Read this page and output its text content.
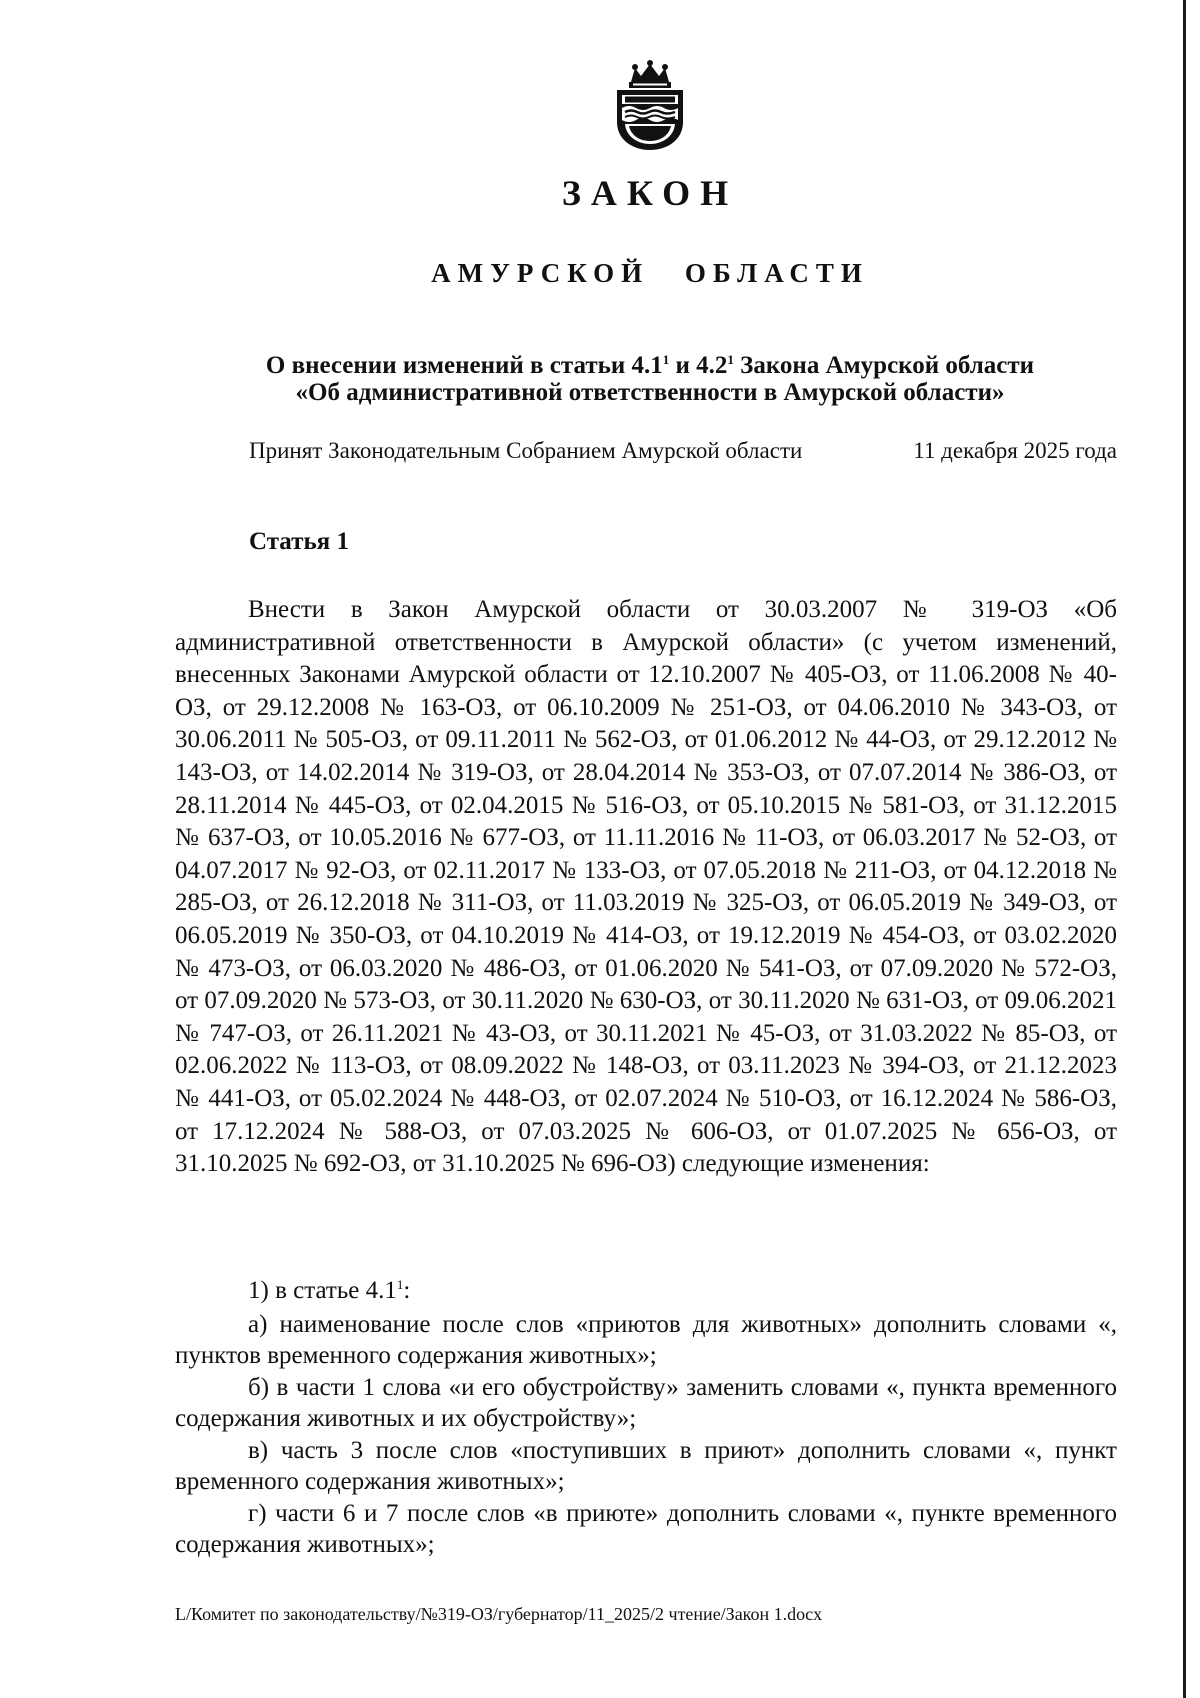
ЗАКОН
АМУРСКОЙ ОБЛАСТИ
О внесении изменений в статьи $4.1^1$ и $4.2^1$ Закона Амурской области
«Об административной ответственности в Амурской области»
Принят Законодательным Собранием Амурской области	11 декабря 2025 года
Статья 1

Внести в Закон Амурской области от 30.03.2007 № 319-ОЗ «Об административной ответственности в Амурской области» (с учетом изменений, внесенных Законами Амурской области от 12.10.2007 № 405-ОЗ, от 11.06.2008 № 40-ОЗ, от 29.12.2008 № 163-ОЗ, от 06.10.2009 № 251-ОЗ, от 04.06.2010 № 343-ОЗ, от 30.06.2011 № 505-ОЗ, от 09.11.2011 № 562-ОЗ, от 01.06.2012 № 44-ОЗ, от 29.12.2012 № 143-ОЗ, от 14.02.2014 № 319-ОЗ, от 28.04.2014 № 353-ОЗ, от 07.07.2014 № 386-ОЗ, от 28.11.2014 № 445-ОЗ, от 02.04.2015 № 516-ОЗ, от 05.10.2015 № 581-ОЗ, от 31.12.2015 № 637-ОЗ, от 10.05.2016 № 677-ОЗ, от 11.11.2016 № 11-ОЗ, от 06.03.2017 № 52-ОЗ, от 04.07.2017 № 92-ОЗ, от 02.11.2017 № 133-ОЗ, от 07.05.2018 № 211-ОЗ, от 04.12.2018 № 285-ОЗ, от 26.12.2018 № 311-ОЗ, от 11.03.2019 № 325-ОЗ, от 06.05.2019 № 349-ОЗ, от 06.05.2019 № 350-ОЗ, от 04.10.2019 № 414-ОЗ, от 19.12.2019 № 454-ОЗ, от 03.02.2020 № 473-ОЗ, от 06.03.2020 № 486-ОЗ, от 01.06.2020 № 541-ОЗ, от 07.09.2020 № 572-ОЗ, от 07.09.2020 № 573-ОЗ, от 30.11.2020 № 630-ОЗ, от 30.11.2020 № 631-ОЗ, от 09.06.2021 № 747-ОЗ, от 26.11.2021 № 43-ОЗ, от 30.11.2021 № 45-ОЗ, от 31.03.2022 № 85-ОЗ, от 02.06.2022 № 113-ОЗ, от 08.09.2022 № 148-ОЗ, от 03.11.2023 № 394-ОЗ, от 21.12.2023 № 441-ОЗ, от 05.02.2024 № 448-ОЗ, от 02.07.2024 № 510-ОЗ, от 16.12.2024 № 586-ОЗ, от 17.12.2024 № 588-ОЗ, от 07.03.2025 № 606-ОЗ, от 01.07.2025 № 656-ОЗ, от 31.10.2025 № 692-ОЗ, от 31.10.2025 № 696-ОЗ) следующие изменения:

1) в статье $4.1^1$:

а) наименование после слов «приютов для животных» дополнить словами «, пунктов временного содержания животных»;

б) в части 1 слова «и его обустройству» заменить словами «, пункта временного содержания животных и их обустройству»;

в) часть 3 после слов «поступивших в приют» дополнить словами «, пункт временного содержания животных»;

г) части 6 и 7 после слов «в приюте» дополнить словами «, пункте временного содержания животных»;

L/Комитет по законодательству/№319-ОЗ/губернатор/11_2025/2 чтение/Закон 1.docx
